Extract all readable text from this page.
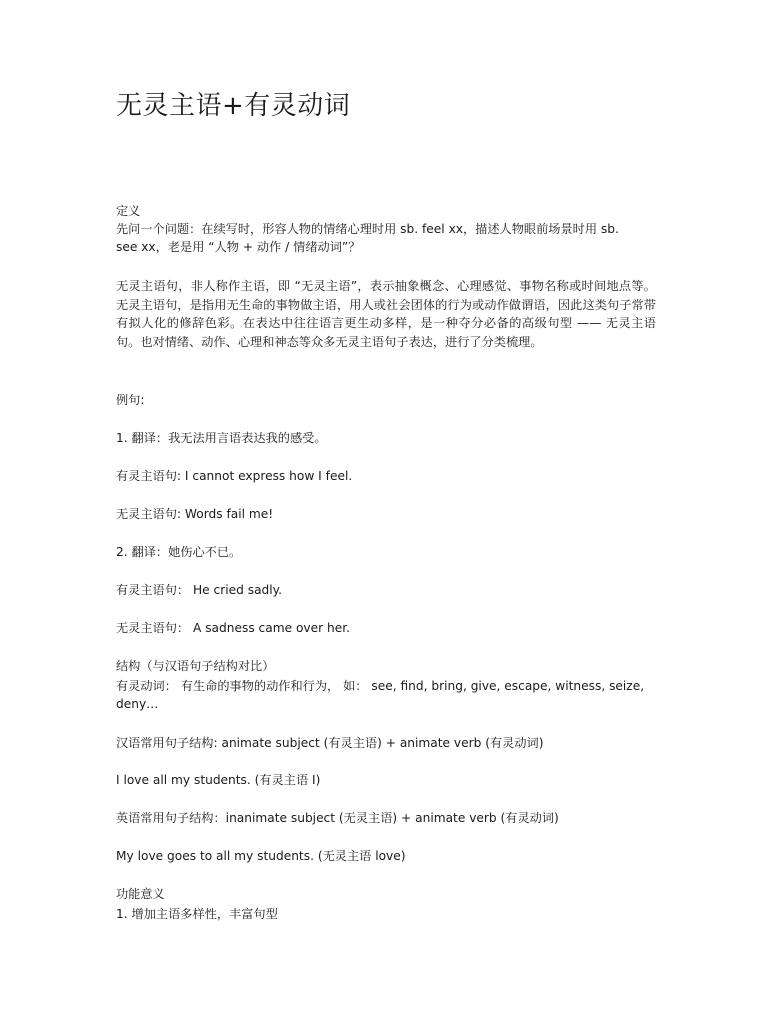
无灵主语+有灵动词

定义

先问一个问题：在续写时，形容人物的情绪心理时用 sb. feel xx，描述人物眼前场景时用 sb.

see xx，老是用 “人物 + 动作 / 情绪动词”？

无灵主语句，非人称作主语，即 “无灵主语”，表示抽象概念、心理感觉、事物名称或时间地点等。无灵主语句，是指用无生命的事物做主语，用人或社会团体的行为或动作做谓语，因此这类句子常带有拟人化的修辞色彩。在表达中往往语言更生动多样，是一种夺分必备的高级句型 —— 无灵主语句。也对情绪、动作、心理和神态等众多无灵主语句子表达，进行了分类梳理。

例句:

1. 翻译：我无法用言语表达我的感受。

有灵主语句: I cannot express how I feel.

无灵主语句: Words fail me!

2. 翻译：她伤心不已。

有灵主语句： He cried sadly.

无灵主语句： A sadness came over her.

结构（与汉语句子结构对比）

有灵动词： 有生命的事物的动作和行为， 如： see, find, bring, give, escape, witness, seize,

deny…

汉语常用句子结构: animate subject (有灵主语) + animate verb (有灵动词)

I love all my students. (有灵主语 I)

英语常用句子结构：inanimate subject (无灵主语) + animate verb (有灵动词)

My love goes to all my students. (无灵主语 love)

功能意义

1. 增加主语多样性，丰富句型
